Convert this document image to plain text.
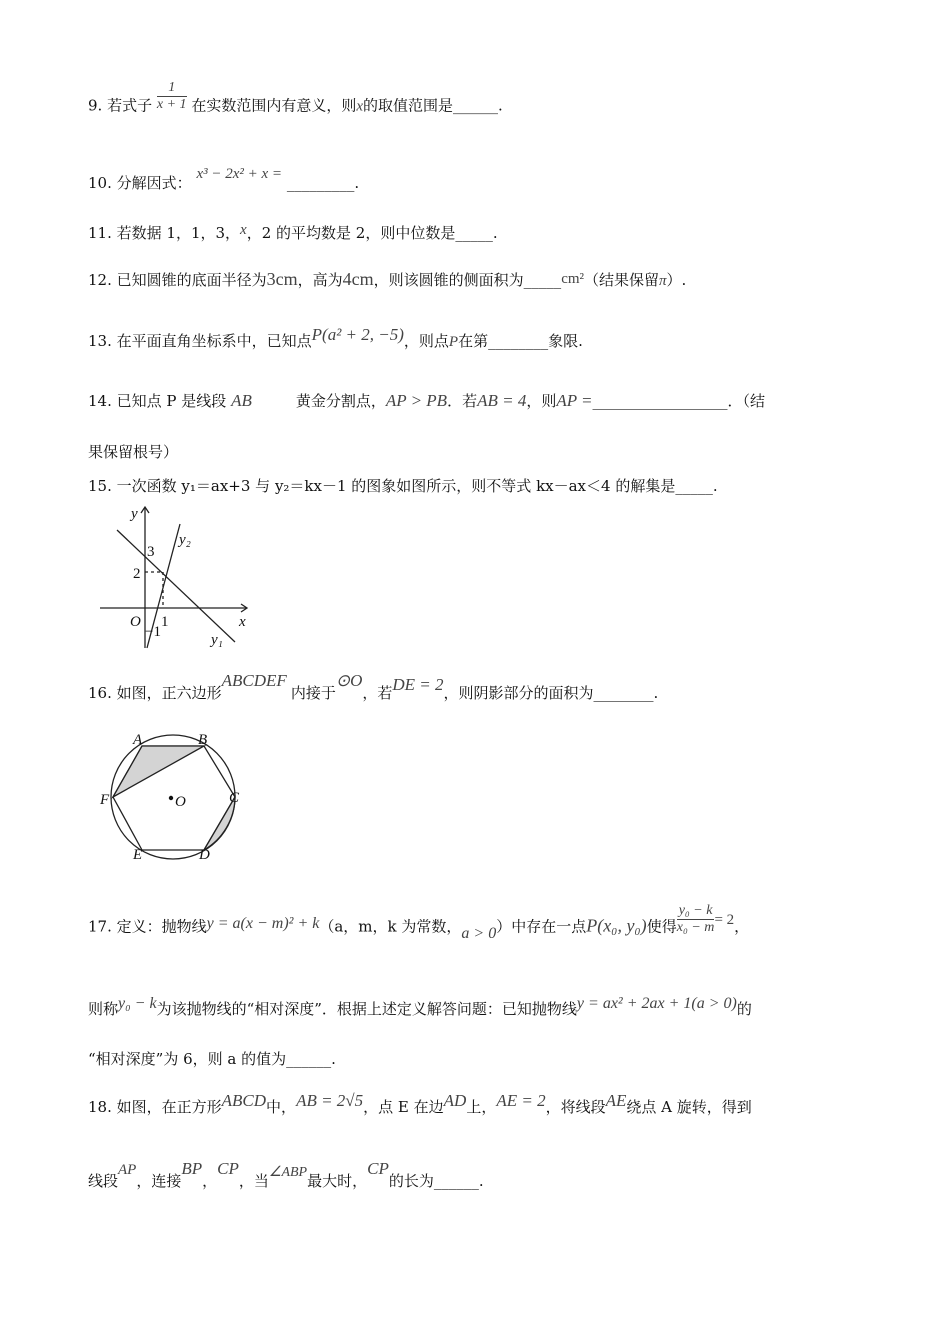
9. 若式子 $\frac{1}{x + 1}$ 在实数范围内有意义，则x的取值范围是______.
10. 分解因式： x³ − 2x² + x = _________.
11. 若数据 1，1，3，x，2 的平均数是 2，则中位数是_____.
12. 已知圆锥的底面半径为3cm，高为4cm，则该圆锥的侧面积为_____cm²（结果保留π）.
13. 在平面直角坐标系中，已知点P(a² + 2, −5)，则点P在第________象限.
14. 已知点 P 是线段 AB	黄金分割点，AP > PB．若AB = 4，则AP =__________________．（结
果保留根号）
15. 一次函数 y₁＝ax+3 与 y₂＝kx－1 的图象如图所示，则不等式 kx－ax＜4 的解集是_____.
y
x
O
3
2
1
−1	y₁
y₂
16. 如图，正六边形ABCDEF内接于⊙O，若DE = 2，则阴影部分的面积为________.
A	B
C
D
E
F	O
17. 定义：抛物线y = a(x − m)² + k（a，m，k 为常数，a > 0）中存在一点P(x₀, y₀)使得 $\frac{\text{y₀ − k}}{\text{x₀ − m}} = 2$，
则称y₀ − k为该抛物线的“相对深度”．根据上述定义解答问题：已知抛物线y = ax² + 2ax + 1(a > 0)的
“相对深度”为 6，则 a 的值为______.
18. 如图，在正方形ABCD中，AB = 2√5，点 E 在边AD上，AE = 2，将线段AE绕点 A 旋转，得到
线段AP，连接BP，CP，当∠ABP最大时，CP的长为______.
